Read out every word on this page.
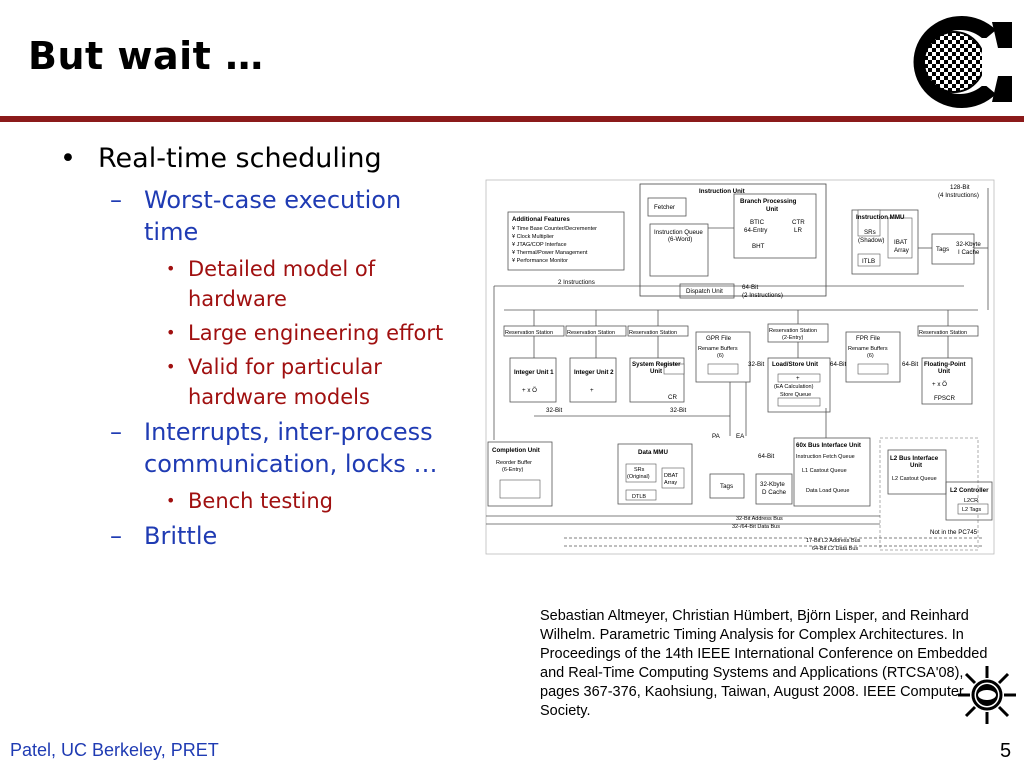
But wait …
• Real-time scheduling
– Worst-case execution time
• Detailed model of hardware
• Large engineering effort
• Valid for particular hardware models
– Interrupts, inter-process communication, locks …
• Bench testing
– Brittle
Instruction Unit
128-Bit
(4 Instructions)
Fetcher
Branch Processing
Unit
BTIC
64-Entry
CTR
LR
BHT
Instruction Queue
(6-Word)
Dispatch Unit
64-Bit
(2 Instructions)
2 Instructions
Instruction MMU
SRs
(Shadow) IBAT
Array
ITLB
Tags
32-Kbyte
I Cache
Additional Features
¥ Time Base Counter/Decrementer
¥ Clock Multiplier
¥ JTAG/COP Interface
¥ Thermal/Power Management
¥ Performance Monitor
Reservation Station	Reservation Station	Reservation Station	Reservation Station
(2-Entry)
Reservation Station
GPR File
Rename Buffers
(6)
FPR File
Rename Buffers
(6)
Integer Unit 1	Integer Unit 2
System Register
Unit
Load/Store Unit
(EA Calculation)
Store Queue
Floating-Point
Unit
FPSCR
CR
+ x Ö	+
+
+ x Ö
32-Bit	32-Bit
32-Bit	64-Bit	64-Bit
64-Bit
PA	EA
Completion Unit
Reorder Buffer
(6-Entry)
Data MMU
SRs
(Original)	DBAT
Array
DTLB
Tags	32-Kbyte
D Cache
60x Bus Interface Unit
Instruction Fetch Queue
L1 Castout Queue
Data Load Queue
L2 Bus Interface
Unit
L2 Castout Queue
L2 Controller
L2CR
L2 Tags
Not in the PC745
32-Bit Address Bus
32-/64-Bit Data Bus
17-Bit L2 Address Bus
64-Bit L2 Data Bus
Sebastian Altmeyer, Christian Hümbert, Björn Lisper, and Reinhard Wilhelm. Parametric Timing Analysis for Complex Architectures. In Proceedings of the 14th IEEE International Conference on Embedded and Real-Time Computing Systems and Applications (RTCSA'08), pages 367-376, Kaohsiung, Taiwan, August 2008. IEEE Computer Society.
Patel, UC Berkeley, PRET	5
